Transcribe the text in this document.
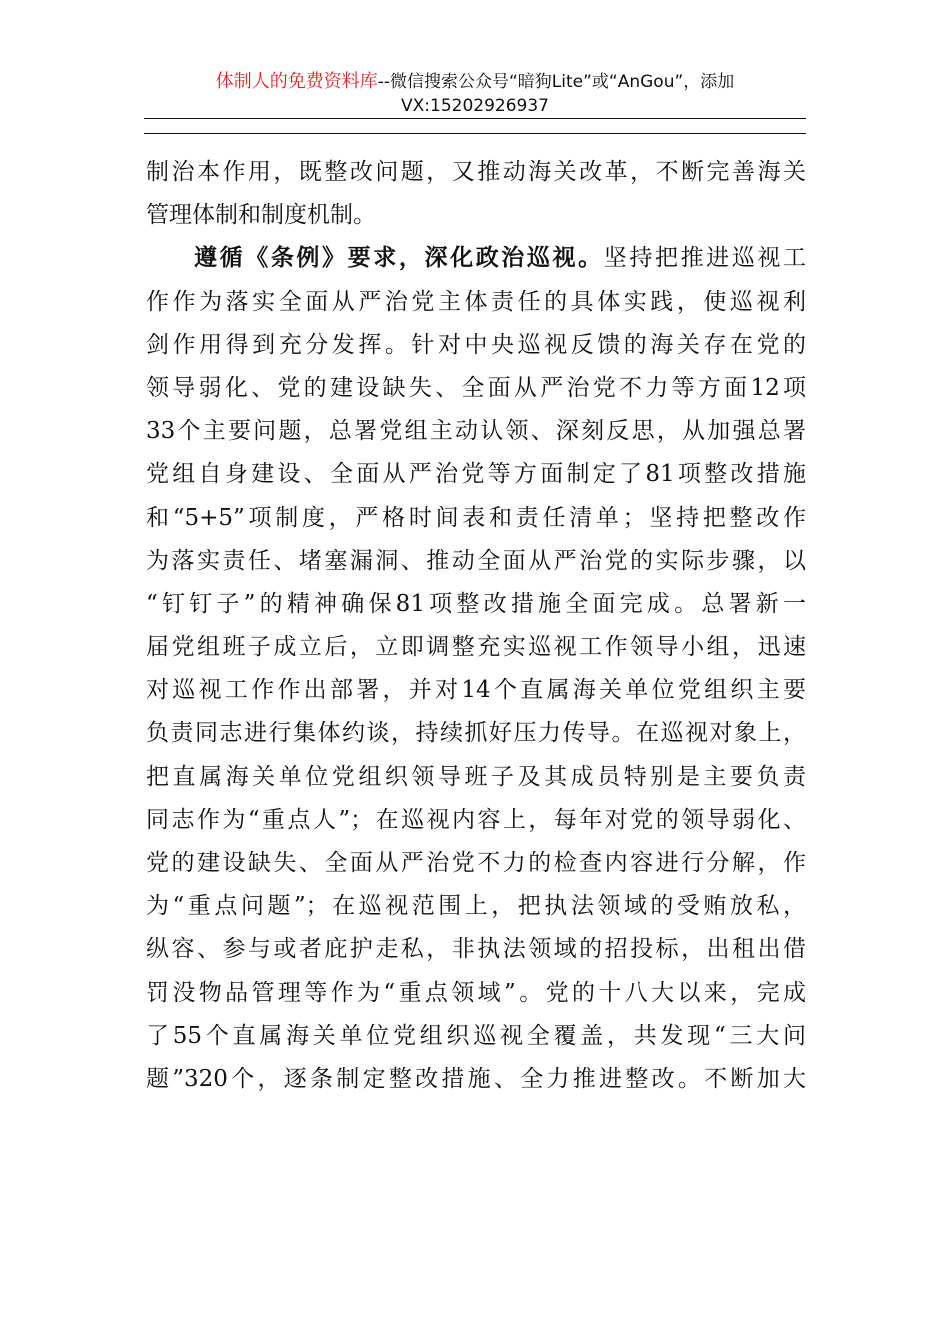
体制人的免费资料库--微信搜索公众号“暗狗Lite”或“AnGou”，添加
VX:15202926937
制治本作用，既整改问题，又推动海关改革，不断完善海关
管理体制和制度机制。
遵循《条例》要求，深化政治巡视。坚持把推进巡视工
作作为落实全面从严治党主体责任的具体实践，使巡视利
剑作用得到充分发挥。针对中央巡视反馈的海关存在党的
领导弱化、党的建设缺失、全面从严治党不力等方面12项
33个主要问题，总署党组主动认领、深刻反思，从加强总署
党组自身建设、全面从严治党等方面制定了81项整改措施
和“5+5”项制度，严格时间表和责任清单；坚持把整改作
为落实责任、堵塞漏洞、推动全面从严治党的实际步骤，以
“钉钉子”的精神确保81项整改措施全面完成。总署新一
届党组班子成立后，立即调整充实巡视工作领导小组，迅速
对巡视工作作出部署，并对14个直属海关单位党组织主要
负责同志进行集体约谈，持续抓好压力传导。在巡视对象上，
把直属海关单位党组织领导班子及其成员特别是主要负责
同志作为“重点人”；在巡视内容上，每年对党的领导弱化、
党的建设缺失、全面从严治党不力的检查内容进行分解，作
为“重点问题”；在巡视范围上，把执法领域的受贿放私，
纵容、参与或者庇护走私，非执法领域的招投标，出租出借
罚没物品管理等作为“重点领域”。党的十八大以来，完成
了55个直属海关单位党组织巡视全覆盖，共发现“三大问
题”320个，逐条制定整改措施、全力推进整改。不断加大
